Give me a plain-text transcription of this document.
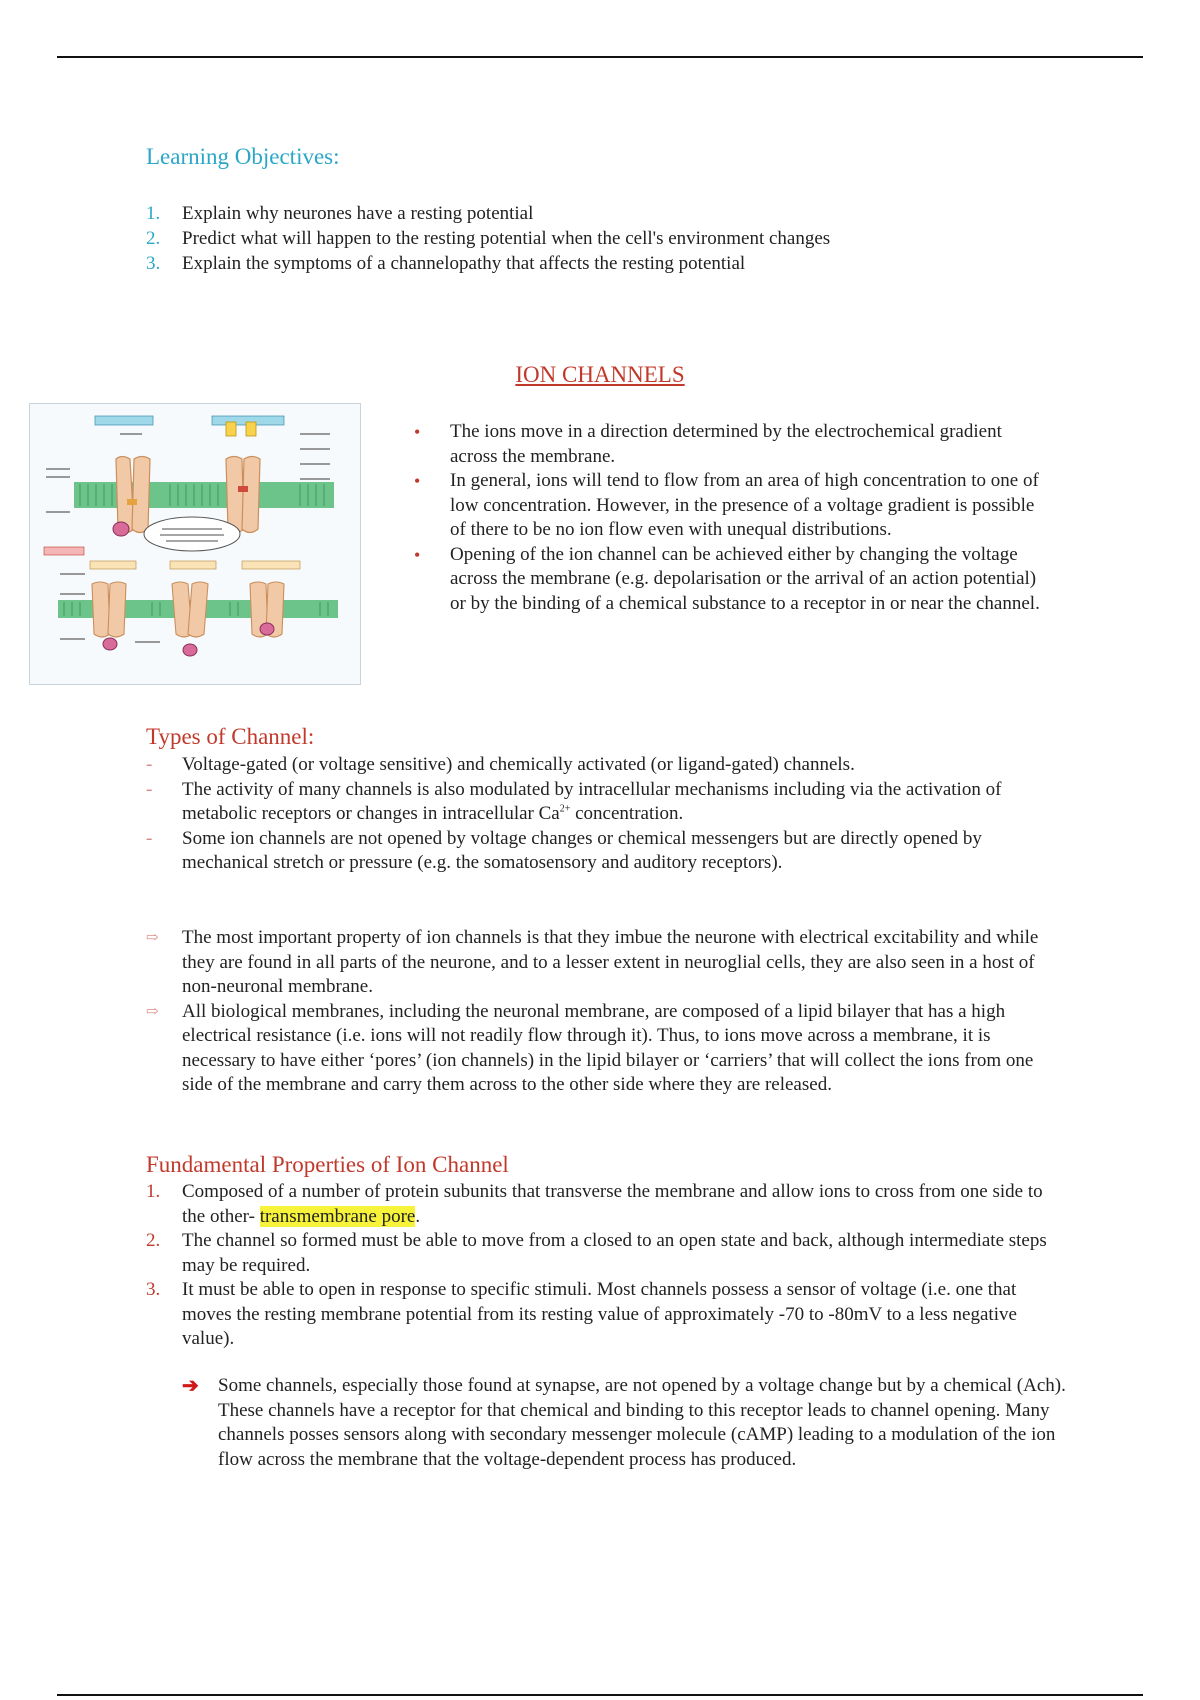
Learning Objectives:
1. Explain why neurones have a resting potential
2. Predict what will happen to the resting potential when the cell's environment changes
3. Explain the symptoms of a channelopathy that affects the resting potential
ION CHANNELS
• The ions move in a direction determined by the electrochemical gradient across the membrane.
• In general, ions will tend to flow from an area of high concentration to one of low concentration. However, in the presence of a voltage gradient is possible of there to be no ion flow even with unequal distributions.
• Opening of the ion channel can be achieved either by changing the voltage across the membrane (e.g. depolarisation or the arrival of an action potential) or by the binding of a chemical substance to a receptor in or near the channel.
Types of Channel:
- Voltage-gated (or voltage sensitive) and chemically activated (or ligand-gated) channels.
- The activity of many channels is also modulated by intracellular mechanisms including via the activation of metabolic receptors or changes in intracellular $Ca^{2+}$ concentration.
- Some ion channels are not opened by voltage changes or chemical messengers but are directly opened by mechanical stretch or pressure (e.g. the somatosensory and auditory receptors).
⇨ The most important property of ion channels is that they imbue the neurone with electrical excitability and while they are found in all parts of the neurone, and to a lesser extent in neuroglial cells, they are also seen in a host of non-neuronal membrane.
⇨ All biological membranes, including the neuronal membrane, are composed of a lipid bilayer that has a high electrical resistance (i.e. ions will not readily flow through it). Thus, to ions move across a membrane, it is necessary to have either ‘pores’ (ion channels) in the lipid bilayer or ‘carriers’ that will collect the ions from one side of the membrane and carry them across to the other side where they are released.
Fundamental Properties of Ion Channel
1. Composed of a number of protein subunits that transverse the membrane and allow ions to cross from one side to the other- transmembrane pore.
2. The channel so formed must be able to move from a closed to an open state and back, although intermediate steps may be required.
3. It must be able to open in response to specific stimuli. Most channels possess a sensor of voltage (i.e. one that moves the resting membrane potential from its resting value of approximately -70 to -80mV to a less negative value).
➔ Some channels, especially those found at synapse, are not opened by a voltage change but by a chemical (Ach). These channels have a receptor for that chemical and binding to this receptor leads to channel opening. Many channels posses sensors along with secondary messenger molecule (cAMP) leading to a modulation of the ion flow across the membrane that the voltage-dependent process has produced.
